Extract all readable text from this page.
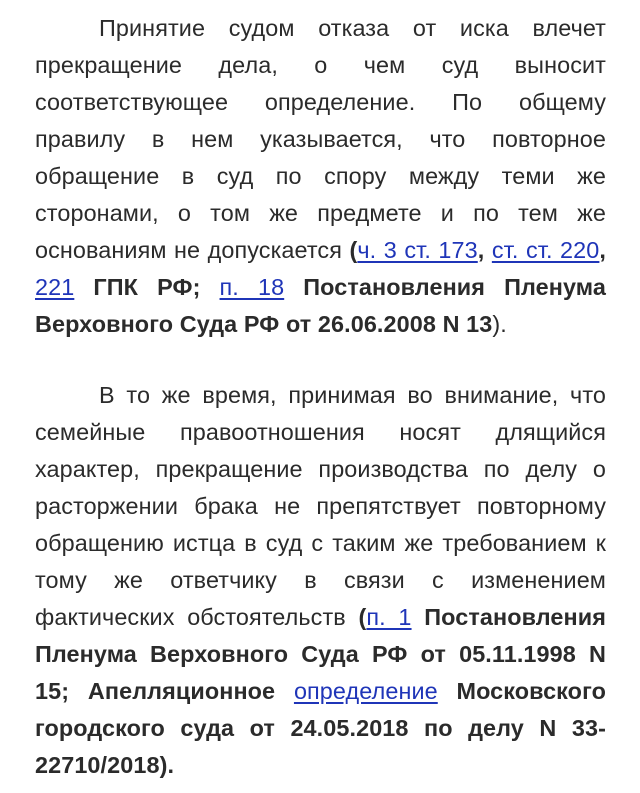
Принятие судом отказа от иска влечет прекращение дела, о чем суд выносит соответствующее определение. По общему правилу в нем указывается, что повторное обращение в суд по спору между теми же сторонами, о том же предмете и по тем же основаниям не допускается (ч. 3 ст. 173, ст. ст. 220, 221 ГПК РФ; п. 18 Постановления Пленума Верховного Суда РФ от 26.06.2008 N 13).

В то же время, принимая во внимание, что семейные правоотношения носят длящийся характер, прекращение производства по делу о расторжении брака не препятствует повторному обращению истца в суд с таким же требованием к тому же ответчику в связи с изменением фактических обстоятельств (п. 1 Постановления Пленума Верховного Суда РФ от 05.11.1998 N 15; Апелляционное определение Московского городского суда от 24.05.2018 по делу N 33-22710/2018).
